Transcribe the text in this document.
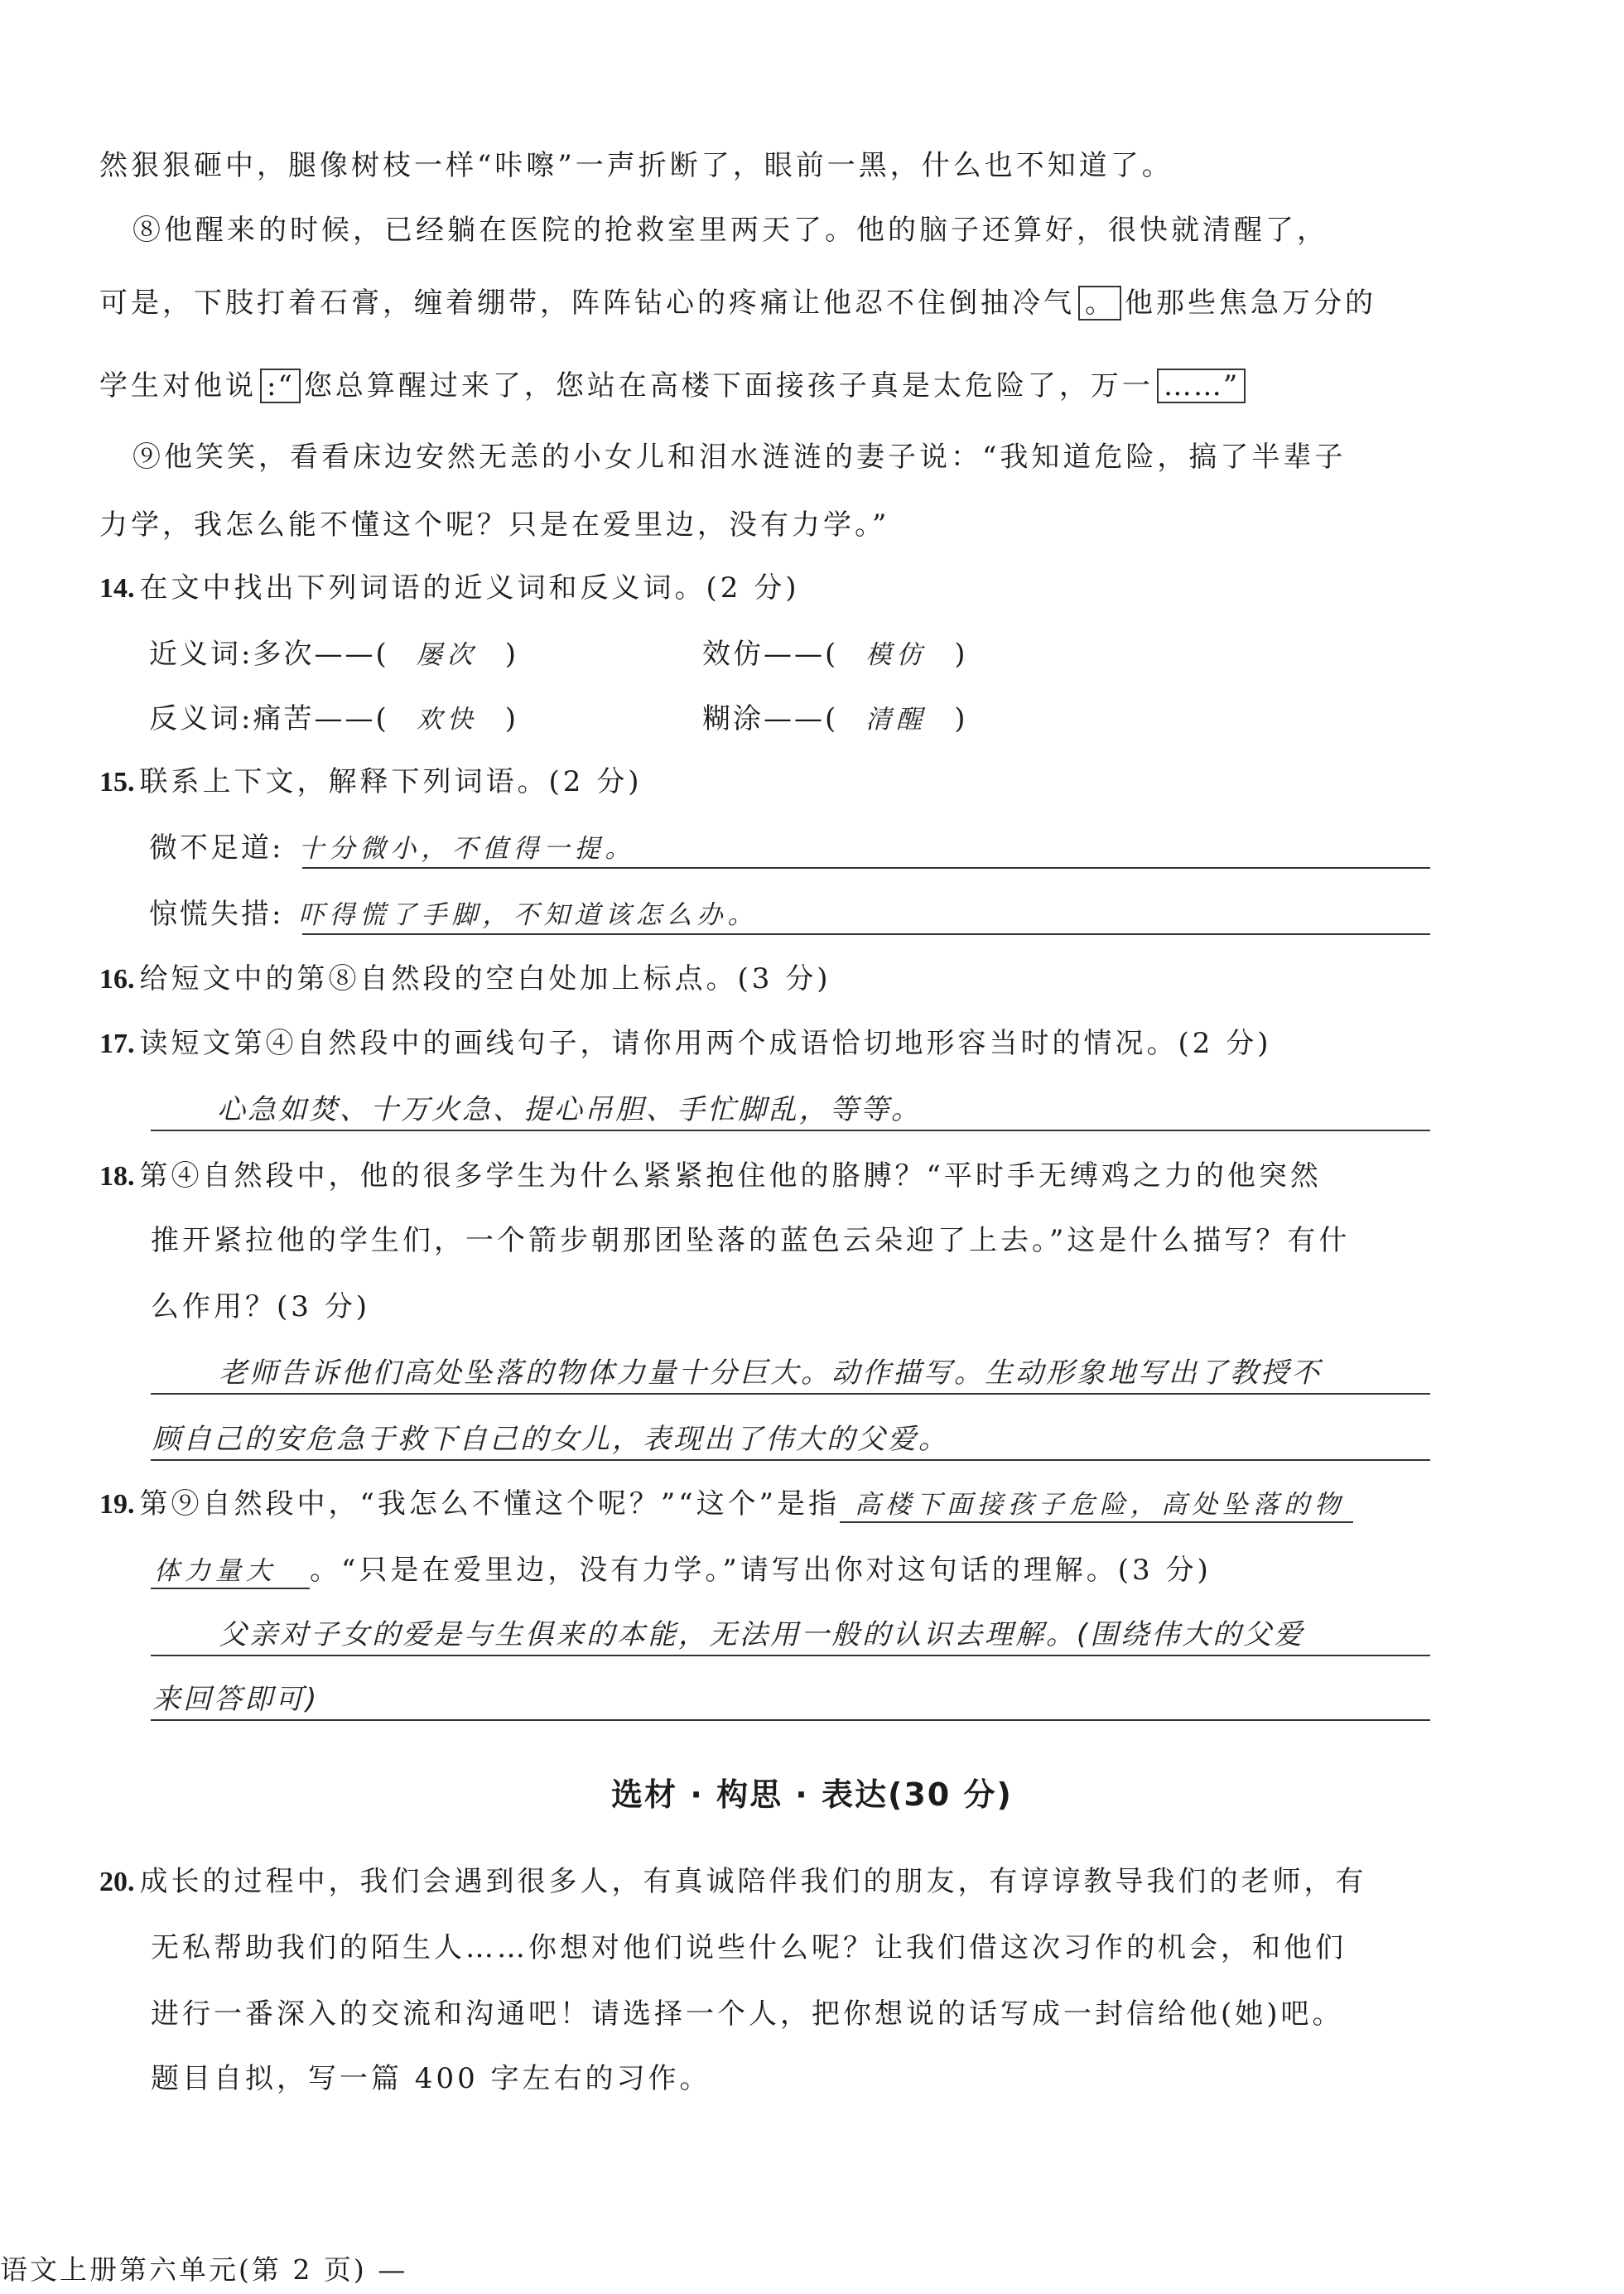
然狠狠砸中，腿像树枝一样“咔嚓”一声折断了，眼前一黑，什么也不知道了。
⑧他醒来的时候，已经躺在医院的抢救室里两天了。他的脑子还算好，很快就清醒了，
可是，下肢打着石膏，缠着绷带，阵阵钻心的疼痛让他忍不住倒抽冷气 。 他那些焦急万分的
学生对他说 :“ 您总算醒过来了，您站在高楼下面接孩子真是太危险了，万一 ……”
⑨他笑笑，看看床边安然无恙的小女儿和泪水涟涟的妻子说：“我知道危险，搞了半辈子
力学，我怎么能不懂这个呢？只是在爱里边，没有力学。”
14. 在文中找出下列词语的近义词和反义词。(2 分)
近义词:多次——( 屡次 )	效仿——( 模仿 )
反义词:痛苦——( 欢快 )	糊涂——( 清醒 )
15. 联系上下文，解释下列词语。(2 分)
微不足道: 十分微小，不值得一提。
惊慌失措: 吓得慌了手脚，不知道该怎么办。
16. 给短文中的第⑧自然段的空白处加上标点。(3 分)
17. 读短文第④自然段中的画线句子，请你用两个成语恰切地形容当时的情况。(2 分)
心急如焚、十万火急、提心吊胆、手忙脚乱，等等。
18. 第④自然段中，他的很多学生为什么紧紧抱住他的胳膊？“平时手无缚鸡之力的他突然
推开紧拉他的学生们，一个箭步朝那团坠落的蓝色云朵迎了上去。”这是什么描写？有什
么作用？(3 分)
老师告诉他们高处坠落的物体力量十分巨大。动作描写。生动形象地写出了教授不
顾自己的安危急于救下自己的女儿，表现出了伟大的父爱。
19. 第⑨自然段中，“我怎么不懂这个呢？”“这个”是指 高楼下面接孩子危险，高处坠落的物
体力量大 。“只是在爱里边，没有力学。”请写出你对这句话的理解。(3 分)
父亲对子女的爱是与生俱来的本能，无法用一般的认识去理解。(围绕伟大的父爱
来回答即可)
选材 · 构思 · 表达(30 分)
20. 成长的过程中，我们会遇到很多人，有真诚陪伴我们的朋友，有谆谆教导我们的老师，有
无私帮助我们的陌生人……你想对他们说些什么呢？让我们借这次习作的机会，和他们
进行一番深入的交流和沟通吧！请选择一个人，把你想说的话写成一封信给他(她)吧。
题目自拟，写一篇 400 字左右的习作。
语文上册第六单元(第 2 页) —
